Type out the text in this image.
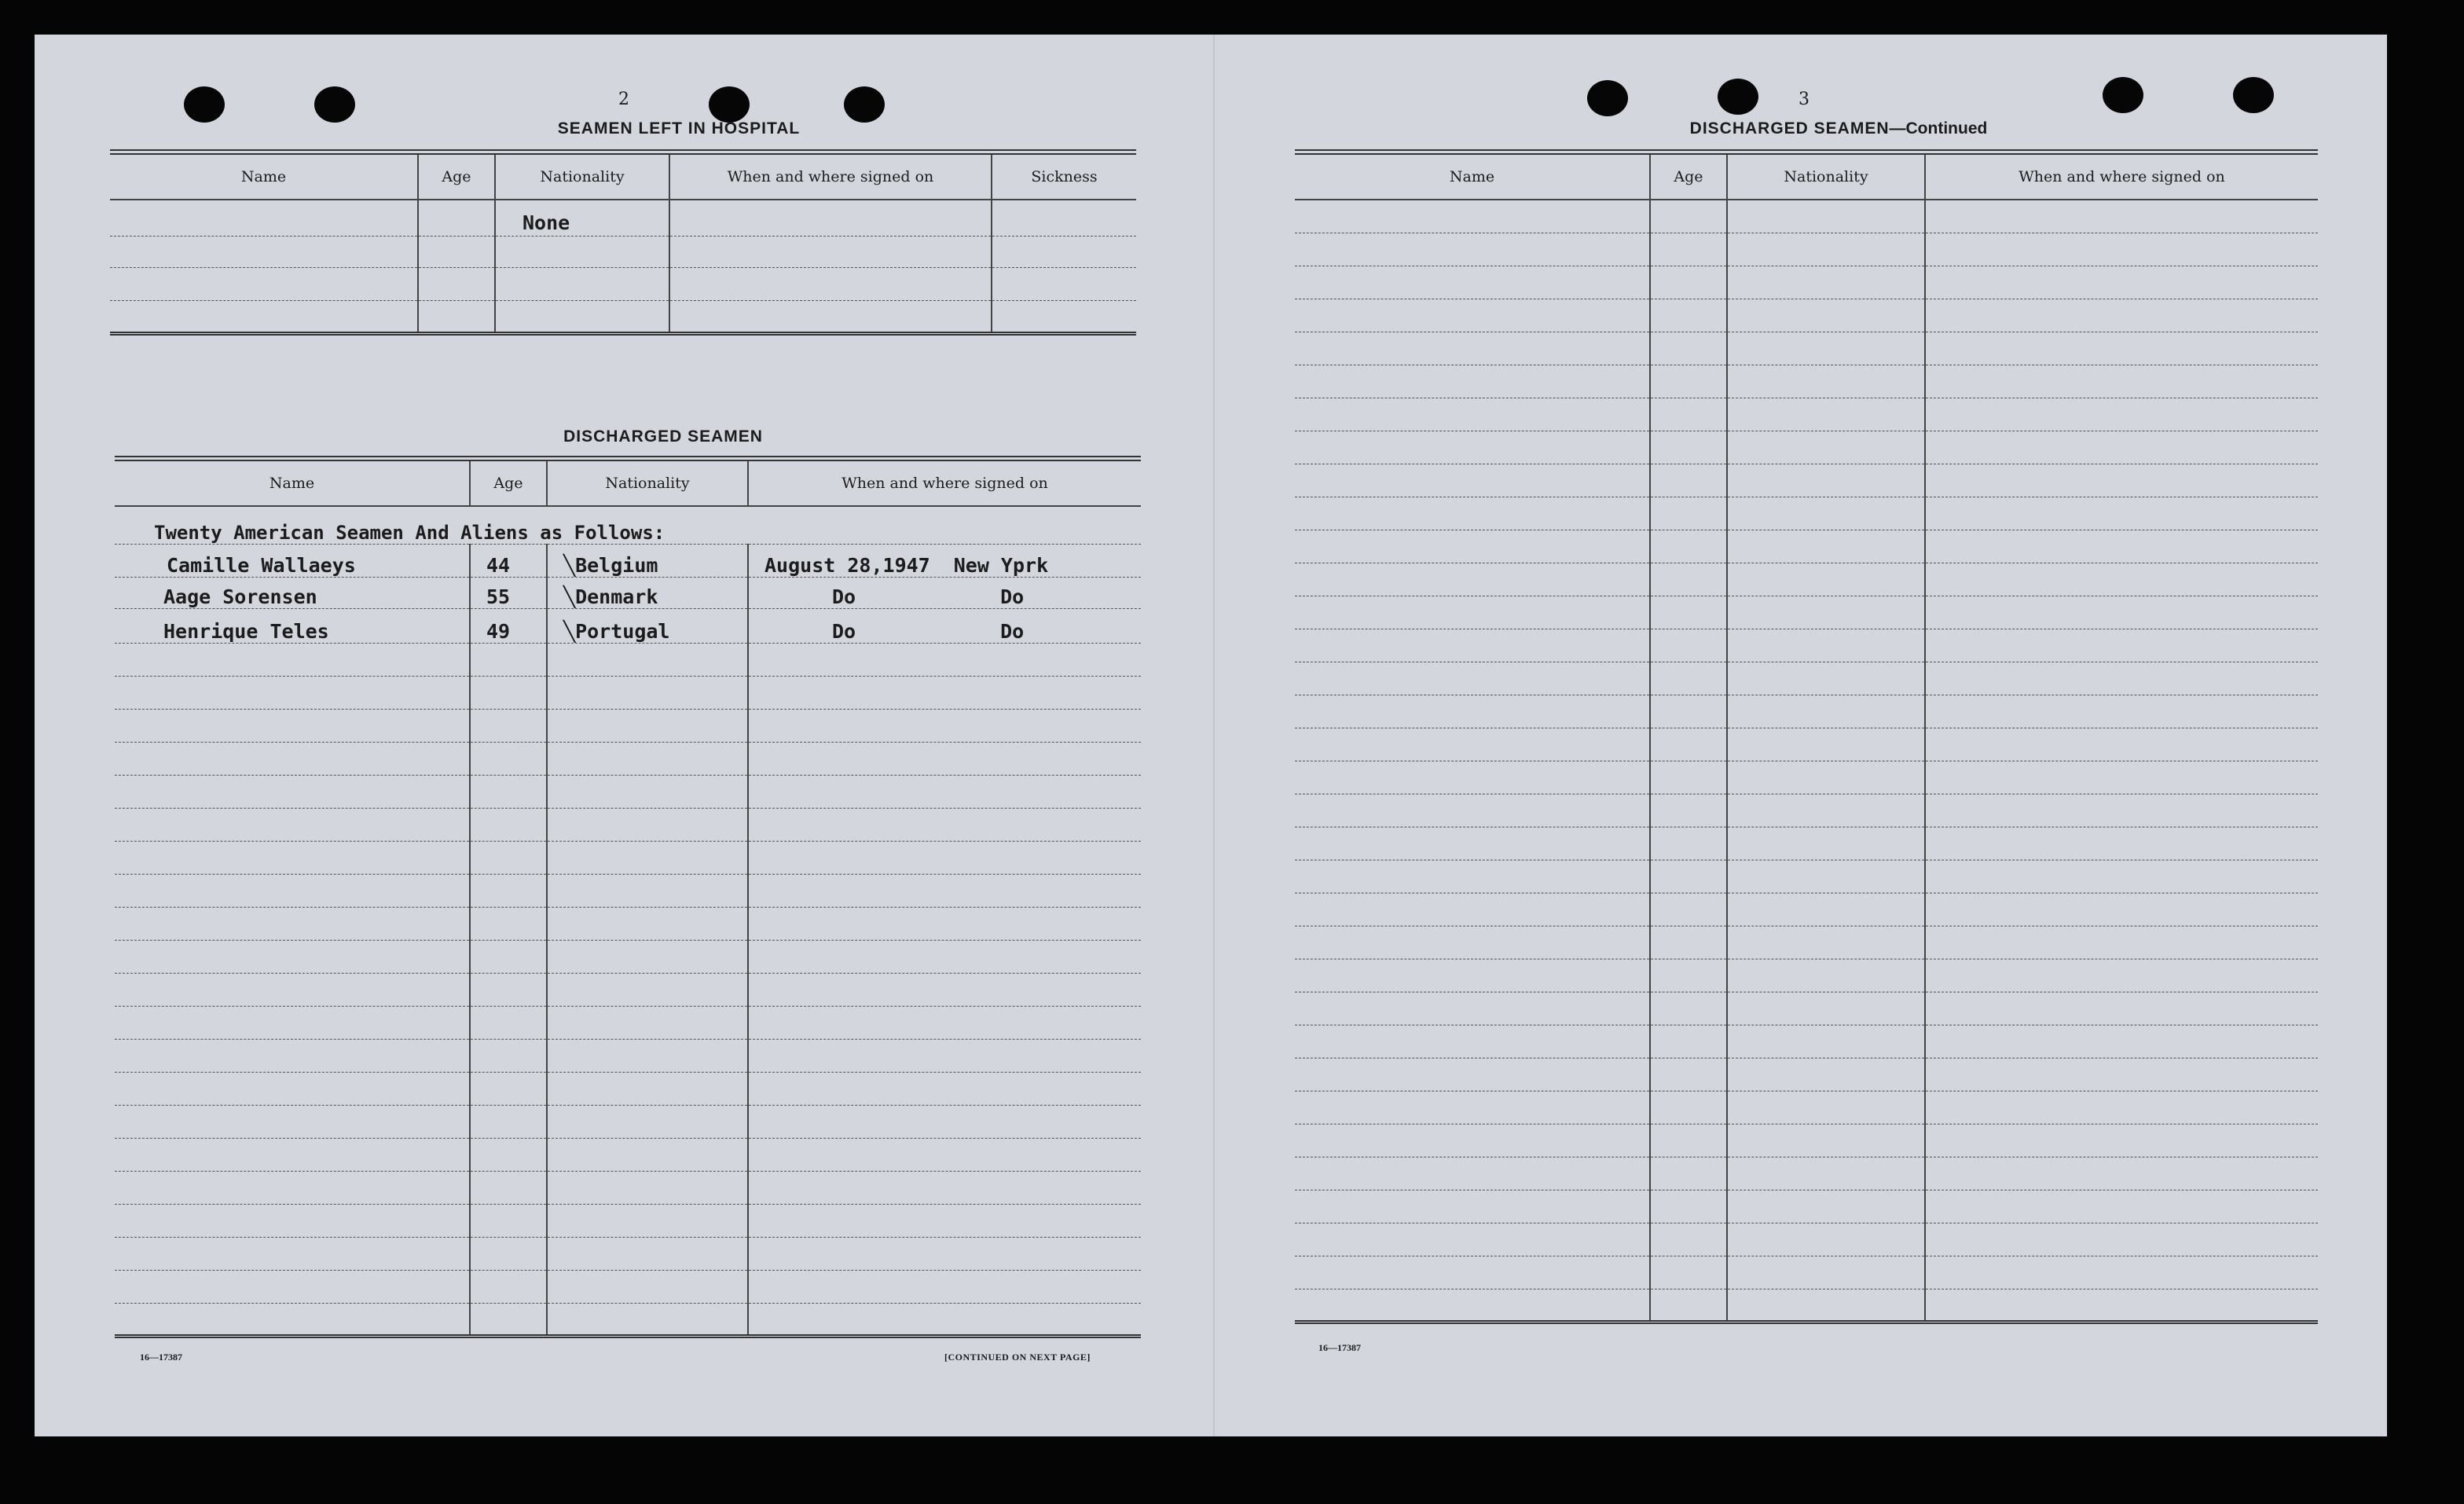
2
SEAMEN LEFT IN HOSPITAL
Name	Age	Nationality	When and where signed on	Sickness
		None		

DISCHARGED SEAMEN
Name	Age	Nationality	When and where signed on
Twenty American Seamen And Aliens as Follows:			
Camille Wallaeys	44	╲Belgium	August 28,1947 New Yprk
Aage Sorensen	55	╲Denmark	Do Do
Henrique Teles	49	╲Portugal	Do Do

16—17387	[CONTINUED ON NEXT PAGE]
3
DISCHARGED SEAMEN—Continued
Name	Age	Nationality	When and where signed on

16—17387
